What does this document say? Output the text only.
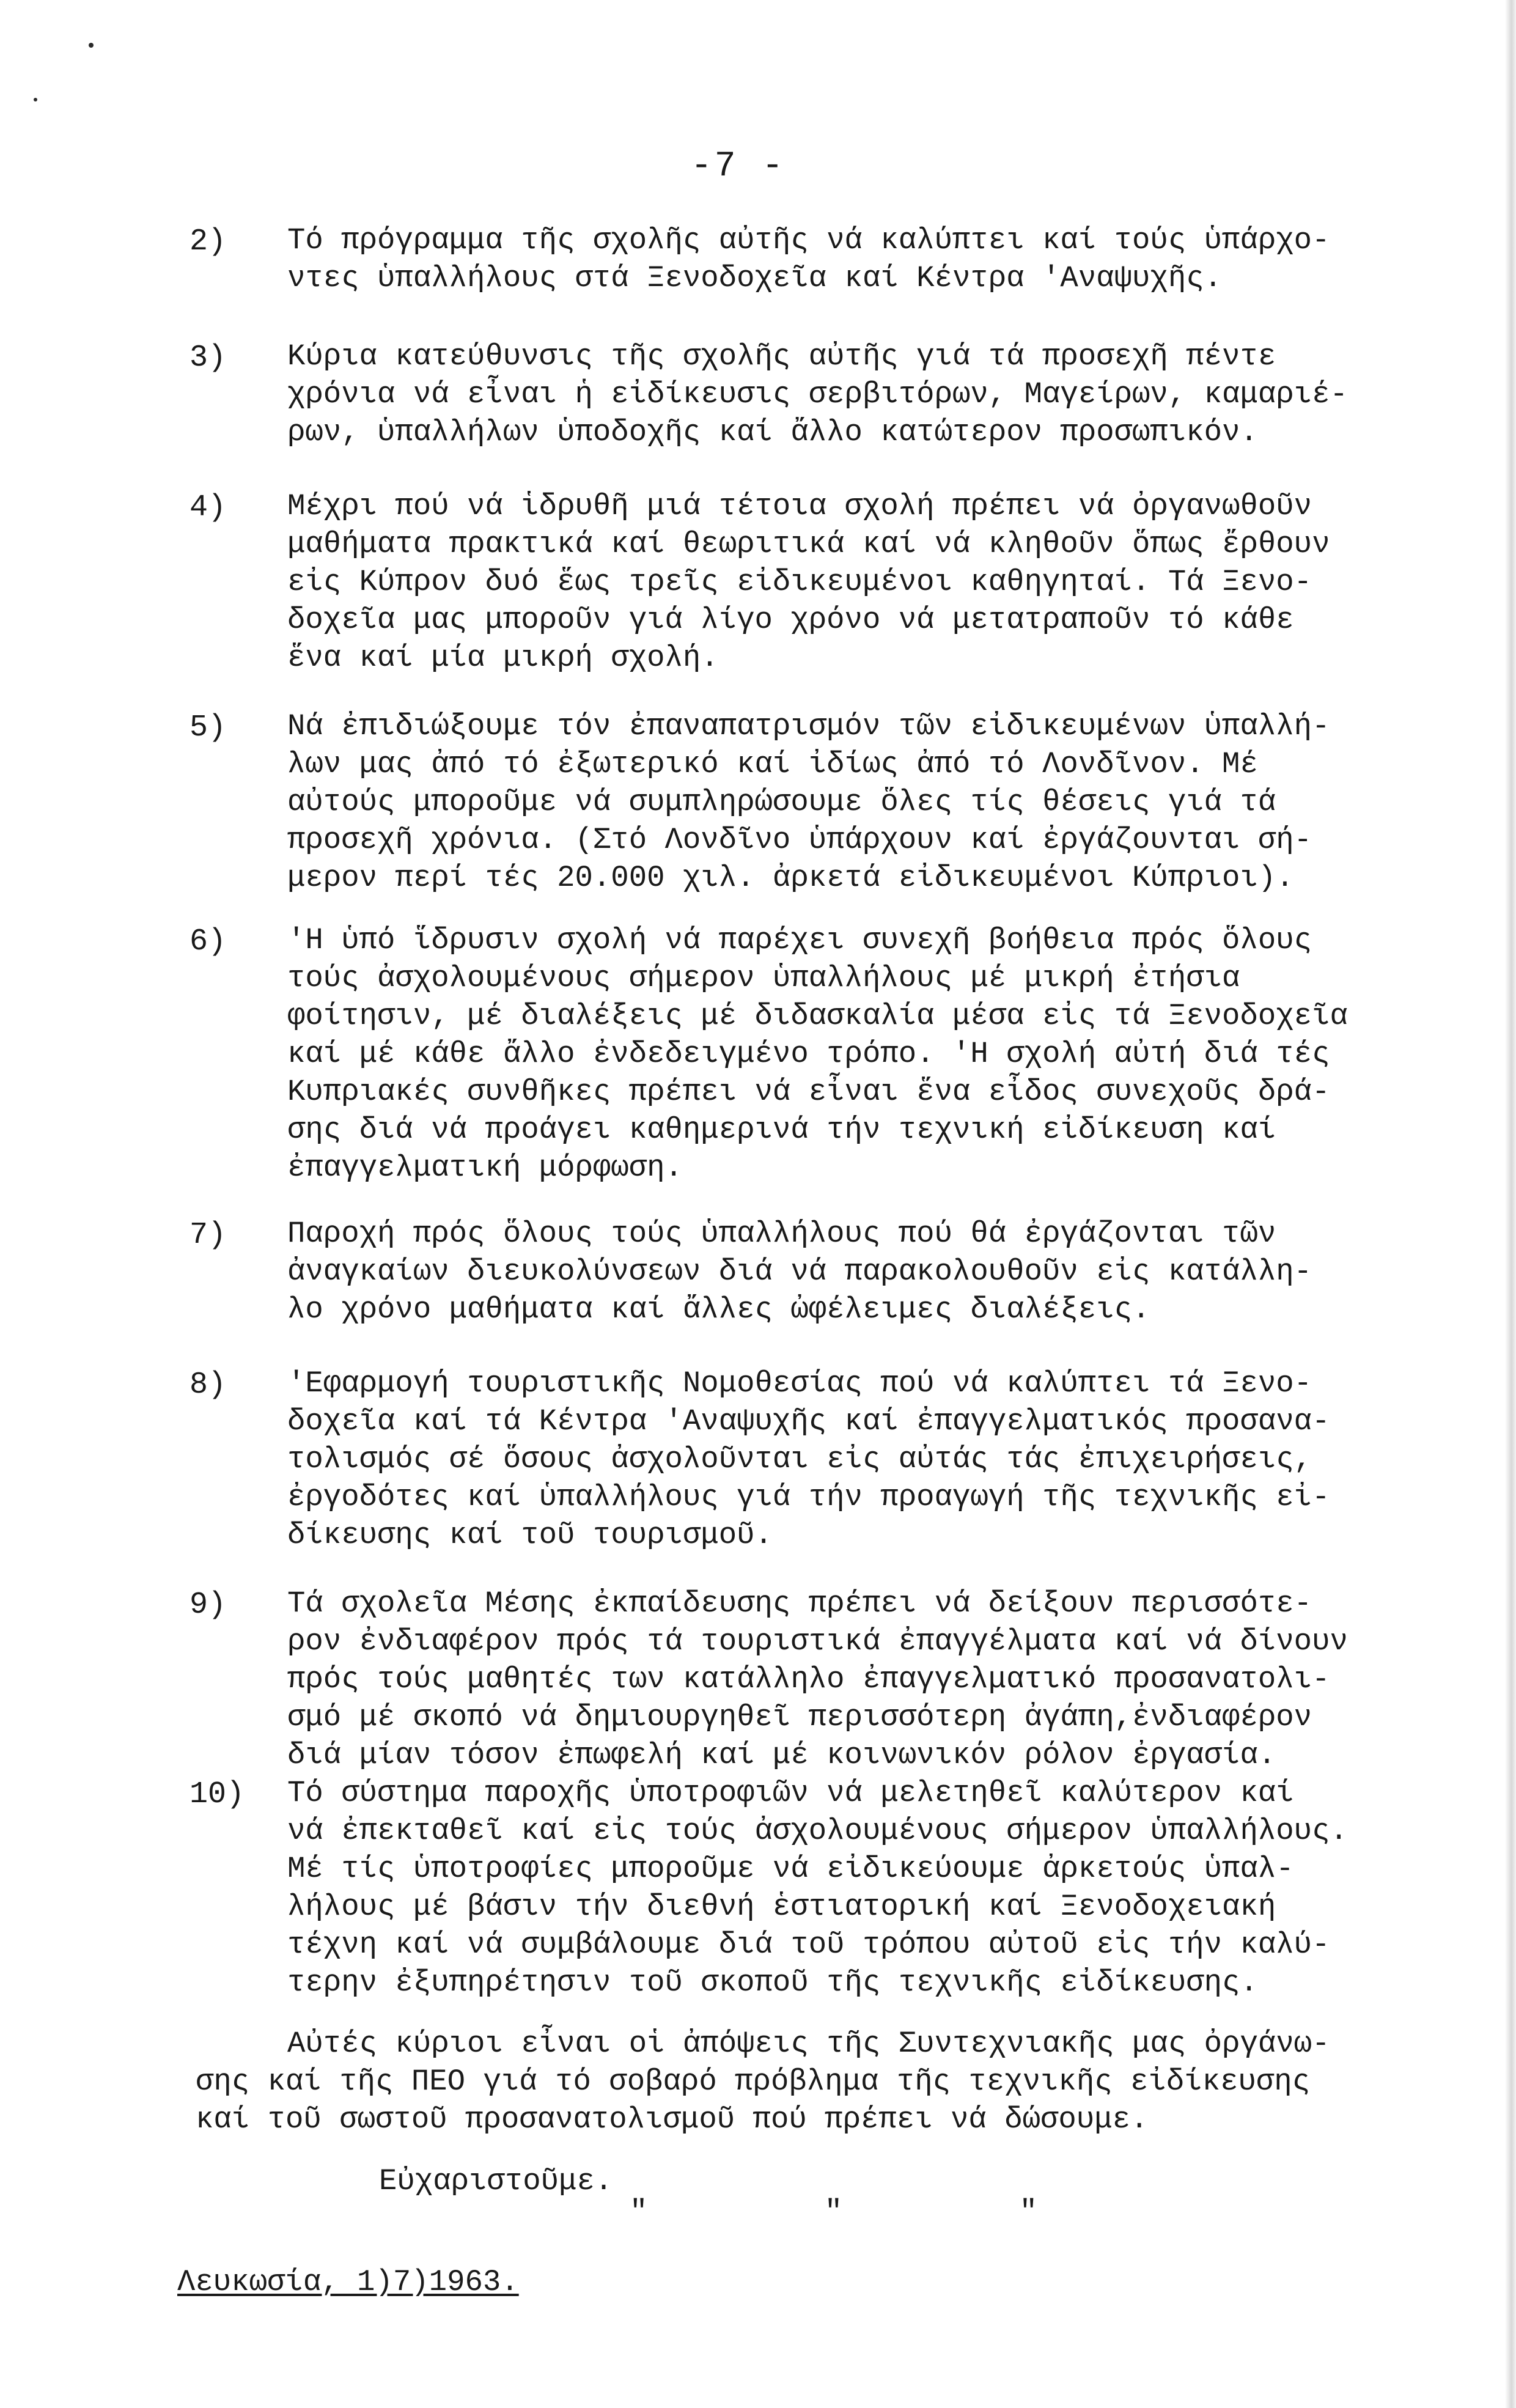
-7 -
2) Τό πρόγραμμα τῆς σχολῆς αὐτῆς νά καλύπτει καί τούς ὑπάρχο-
ντες ὑπαλλήλους στά Ξενοδοχεῖα καί Κέντρα 'Αναψυχῆς.
3) Κύρια κατεύθυνσις τῆς σχολῆς αὐτῆς γιά τά προσεχῆ πέντε
χρόνια νά εἶναι ἡ εἰδίκευσις σερβιτόρων, Μαγείρων, καμαριέ-
ρων, ὑπαλλήλων ὑποδοχῆς καί ἄλλο κατώτερον προσωπικόν.
4) Μέχρι πού νά ἱδρυθῆ μιά τέτοια σχολή πρέπει νά ὀργανωθοῦν
μαθήματα πρακτικά καί θεωριτικά καί νά κληθοῦν ὅπως ἔρθουν
εἰς Κύπρον δυό ἕως τρεῖς εἰδικευμένοι καθηγηταί. Τά Ξενο-
δοχεῖα μας μποροῦν γιά λίγο χρόνο νά μετατραποῦν τό κάθε
ἕνα καί μία μικρή σχολή.
5) Νά ἐπιδιώξουμε τόν ἐπαναπατρισμόν τῶν εἰδικευμένων ὑπαλλή-
λων μας ἀπό τό ἐξωτερικό καί ἰδίως ἀπό τό Λονδῖνον. Μέ
αὐτούς μποροῦμε νά συμπληρώσουμε ὅλες τίς θέσεις γιά τά
προσεχῆ χρόνια. (Στό Λονδῖνο ὑπάρχουν καί ἐργάζουνται σή-
μερον περί τές 20.000 χιλ. ἀρκετά εἰδικευμένοι Κύπριοι).
6) 'Η ὑπό ἵδρυσιν σχολή νά παρέχει συνεχῆ βοήθεια πρός ὅλους
τούς ἀσχολουμένους σήμερον ὑπαλλήλους μέ μικρή ἐτήσια
φοίτησιν, μέ διαλέξεις μέ διδασκαλία μέσα εἰς τά Ξενοδοχεῖα
καί μέ κάθε ἄλλο ἐνδεδειγμένο τρόπο. 'Η σχολή αὐτή διά τές
Κυπριακές συνθῆκες πρέπει νά εἶναι ἕνα εἶδος συνεχοῦς δρά-
σης διά νά προάγει καθημερινά τήν τεχνική εἰδίκευση καί
ἐπαγγελματική μόρφωση.
7) Παροχή πρός ὅλους τούς ὑπαλλήλους πού θά ἐργάζονται τῶν
ἀναγκαίων διευκολύνσεων διά νά παρακολουθοῦν εἰς κατάλλη-
λο χρόνο μαθήματα καί ἄλλες ὠφέλειμες διαλέξεις.
8) 'Εφαρμογή τουριστικῆς Νομοθεσίας πού νά καλύπτει τά Ξενο-
δοχεῖα καί τά Κέντρα 'Αναψυχῆς καί ἐπαγγελματικός προσανα-
τολισμός σέ ὅσους ἀσχολοῦνται εἰς αὐτάς τάς ἐπιχειρήσεις,
ἐργοδότες καί ὑπαλλήλους γιά τήν προαγωγή τῆς τεχνικῆς εἰ-
δίκευσης καί τοῦ τουρισμοῦ.
9) Τά σχολεῖα Μέσης ἐκπαίδευσης πρέπει νά δείξουν περισσότε-
ρον ἐνδιαφέρον πρός τά τουριστικά ἐπαγγέλματα καί νά δίνουν
πρός τούς μαθητές των κατάλληλο ἐπαγγελματικό προσανατολι-
σμό μέ σκοπό νά δημιουργηθεῖ περισσότερη ἀγάπη,ἐνδιαφέρον
διά μίαν τόσον ἐπωφελή καί μέ κοινωνικόν ρόλον ἐργασία.
10) Τό σύστημα παροχῆς ὑποτροφιῶν νά μελετηθεῖ καλύτερον καί
νά ἐπεκταθεῖ καί εἰς τούς ἀσχολουμένους σήμερον ὑπαλλήλους.
Μέ τίς ὑποτροφίες μποροῦμε νά εἰδικεύουμε ἀρκετούς ὑπαλ-
λήλους μέ βάσιν τήν διεθνή ἑστιατορική καί Ξενοδοχειακή
τέχνη καί νά συμβάλουμε διά τοῦ τρόπου αὐτοῦ εἰς τήν καλύ-
τερην ἐξυπηρέτησιν τοῦ σκοποῦ τῆς τεχνικῆς εἰδίκευσης.
Αὐτές κύριοι εἶναι οἱ ἀπόψεις τῆς Συντεχνιακῆς μας ὀργάνω-
σης καί τῆς ΠΕΟ γιά τό σοβαρό πρόβλημα τῆς τεχνικῆς εἰδίκευσης
καί τοῦ σωστοῦ προσανατολισμοῦ πού πρέπει νά δώσουμε.
Εὐχαριστοῦμε.
" " "
Λευκωσία, 1)7)1963.
